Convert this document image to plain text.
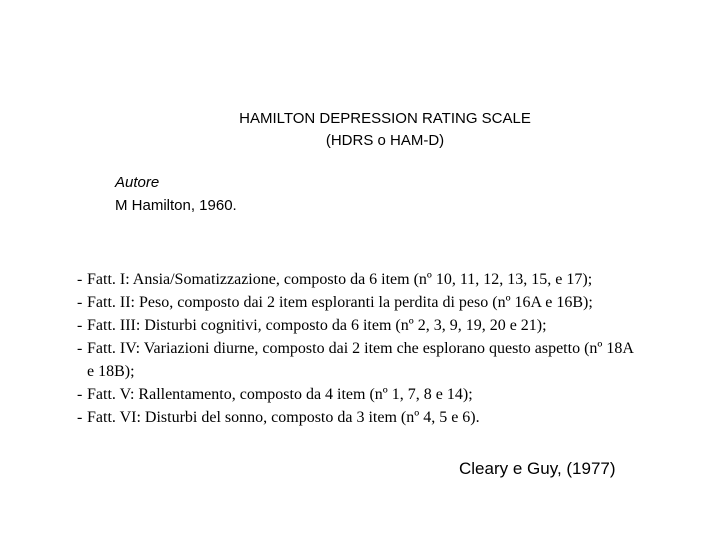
HAMILTON DEPRESSION RATING SCALE
(HDRS o HAM-D)
Autore
M Hamilton, 1960.
- Fatt. I: Ansia/Somatizzazione, composto da 6 item (nº 10, 11, 12, 13, 15, e 17);
- Fatt. II: Peso, composto dai 2 item esploranti la perdita di peso (nº 16A e 16B);
- Fatt. III: Disturbi cognitivi, composto da 6 item (nº 2, 3, 9, 19, 20 e 21);
- Fatt. IV: Variazioni diurne, composto dai 2 item che esplorano questo aspetto (nº 18A e 18B);
- Fatt. V: Rallentamento, composto da 4 item (nº 1, 7, 8 e 14);
- Fatt. VI: Disturbi del sonno, composto da 3 item (nº 4, 5 e 6).
Cleary e Guy, (1977)
